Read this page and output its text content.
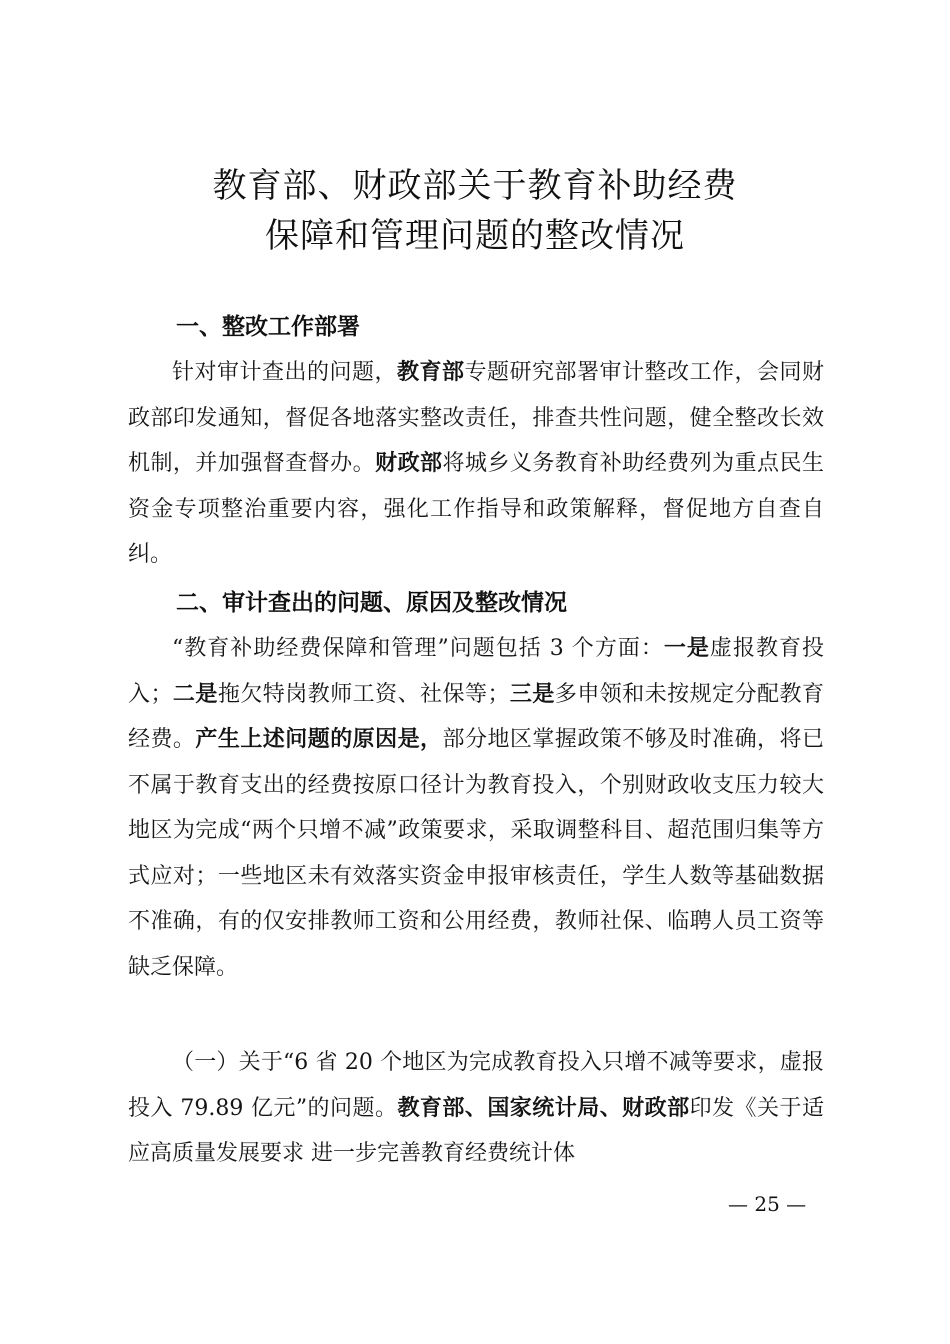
教育部、财政部关于教育补助经费
保障和管理问题的整改情况
一、整改工作部署
针对审计查出的问题，教育部专题研究部署审计整改工作，会同财政部印发通知，督促各地落实整改责任，排查共性问题，健全整改长效机制，并加强督查督办。财政部将城乡义务教育补助经费列为重点民生资金专项整治重要内容，强化工作指导和政策解释，督促地方自查自纠。
二、审计查出的问题、原因及整改情况
“教育补助经费保障和管理”问题包括 3 个方面：一是虚报教育投入；二是拖欠特岗教师工资、社保等；三是多申领和未按规定分配教育经费。产生上述问题的原因是，部分地区掌握政策不够及时准确，将已不属于教育支出的经费按原口径计为教育投入，个别财政收支压力较大地区为完成“两个只增不减”政策要求，采取调整科目、超范围归集等方式应对；一些地区未有效落实资金申报审核责任，学生人数等基础数据不准确，有的仅安排教师工资和公用经费，教师社保、临聘人员工资等缺乏保障。
（一）关于“6 省 20 个地区为完成教育投入只增不减等要求，虚报投入 79.89 亿元”的问题。教育部、国家统计局、财政部印发《关于适应高质量发展要求 进一步完善教育经费统计体
— 25 —
